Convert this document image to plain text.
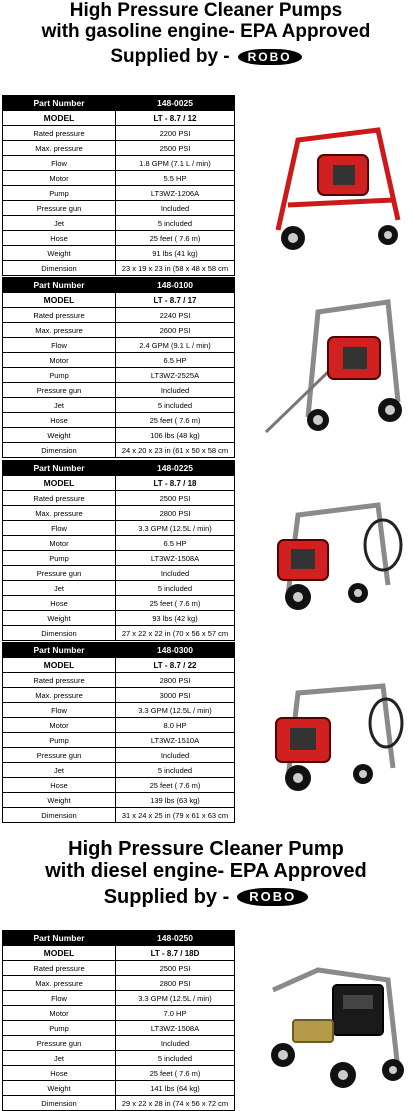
High Pressure Cleaner Pumps
with gasoline engine- EPA Approved
Supplied by -	ROBO
Part Number	148-0025
MODEL	LT - 8.7 / 12
Rated pressure	2200 PSI
Max. pressure	2500 PSI
Flow	1.8 GPM (7.1 L / min)
Motor	5.5 HP
Pump	LT3WZ-1206A
Pressure gun	Included
Jet	5 included
Hose	25 feet ( 7.6 m)
Weight	91 lbs (41 kg)
Dimension	23 x 19 x 23 in (58 x 48 x 58 cm
Part Number	148-0100
MODEL	LT - 8.7 / 17
Rated pressure	2240 PSI
Max. pressure	2600 PSI
Flow	2.4 GPM (9.1 L / min)
Motor	6.5 HP
Pump	LT3WZ-2525A
Pressure gun	Included
Jet	5 included
Hose	25 feet ( 7.6 m)
Weight	106 lbs (48 kg)
Dimension	24 x 20 x 23 in (61 x 50 x 58 cm
Part Number	148-0225
MODEL	LT - 8.7 / 18
Rated pressure	2500 PSI
Max. pressure	2800 PSI
Flow	3.3 GPM (12.5L / min)
Motor	6.5 HP
Pump	LT3WZ-1508A
Pressure gun	Included
Jet	5 included
Hose	25 feet ( 7.6 m)
Weight	93 lbs (42 kg)
Dimension	27 x 22 x 22 in (70 x 56 x 57 cm
Part Number	148-0300
MODEL	LT - 8.7 / 22
Rated pressure	2800 PSI
Max. pressure	3000 PSI
Flow	3.3 GPM (12.5L / min)
Motor	8.0 HP
Pump	LT3WZ-1510A
Pressure gun	Included
Jet	5 included
Hose	25 feet ( 7.6 m)
Weight	139 lbs (63 kg)
Dimension	31 x 24 x 25 in (79 x 61 x 63 cm
Part Number	148-0250
MODEL	LT - 8.7 / 18D
Rated pressure	2500 PSI
Max. pressure	2800 PSI
Flow	3.3 GPM (12.5L / min)
Motor	7.0 HP
Pump	LT3WZ-1508A
Pressure gun	Included
Jet	5 included
Hose	25 feet ( 7.6 m)
Weight	141 lbs (64 kg)
Dimension	29 x 22 x 28 in (74 x 56 x 72 cm
High Pressure Cleaner Pump
with diesel engine- EPA Approved
Supplied by -	ROBO
